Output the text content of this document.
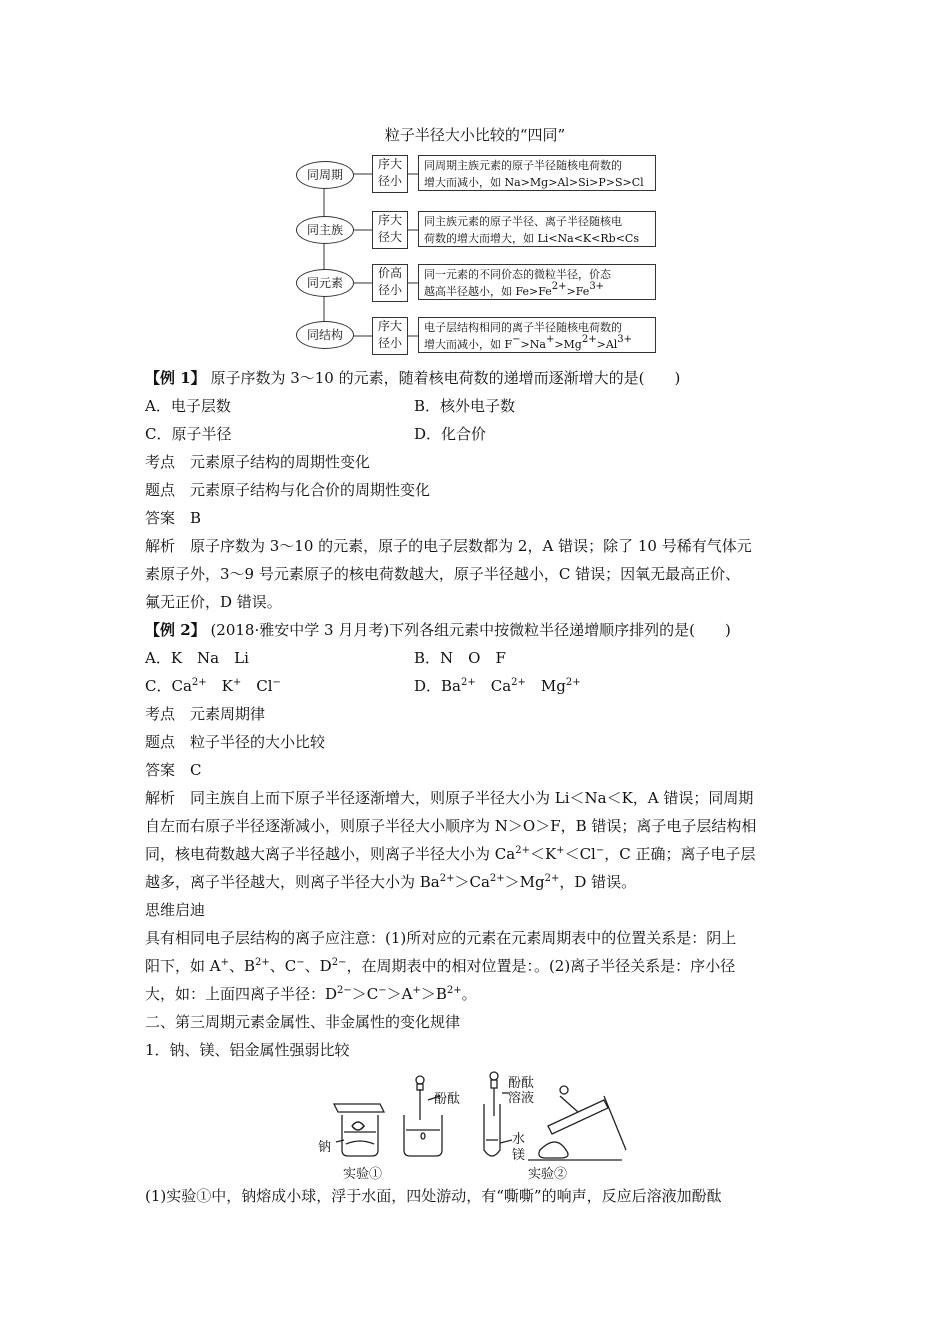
粒子半径大小比较的“四同”
同周期
序大
径小
同周期主族元素的原子半径随核电荷数的
增大而减小，如 Na>Mg>Al>Si>P>S>Cl
同主族
序大
径大
同主族元素的原子半径、离子半径随核电
荷数的增大而增大，如 Li<Na<K<Rb<Cs
同元素
价高
径小
同一元素的不同价态的微粒半径，价态
越高半径越小，如 $Fe>Fe^{2+}>Fe^{3+}$
同结构
序大
径小
电子层结构相同的离子半径随核电荷数的
增大而减小，如 $F^->Na^+>Mg^{2+}>Al^{3+}$
【例 1】 原子序数为 3～10 的元素，随着核电荷数的递增而逐渐增大的是(　　)
A．电子层数	B．核外电子数
C．原子半径	D．化合价
考点　元素原子结构的周期性变化
题点　元素原子结构与化合价的周期性变化
答案　B
解析　原子序数为 3～10 的元素，原子的电子层数都为 2，A 错误；除了 10 号稀有气体元
素原子外，3～9 号元素原子的核电荷数越大，原子半径越小，C 错误；因氧无最高正价、
氟无正价，D 错误。
【例 2】 (2018·雅安中学 3 月月考)下列各组元素中按微粒半径递增顺序排列的是(　　)
A．K　Na　Li	B．N　O　F
C．$Ca^{2+}$　K+　Cl−	D．$Ba^{2+}$　$Ca^{2+}$　$Mg^{2+}$
考点　元素周期律
题点　粒子半径的大小比较
答案　C
解析　同主族自上而下原子半径逐渐增大，则原子半径大小为 Li＜Na＜K，A 错误；同周期
自左而右原子半径逐渐减小，则原子半径大小顺序为 N＞O＞F，B 错误；离子电子层结构相
同，核电荷数越大离子半径越小，则离子半径大小为 $Ca^{2+}<K^+<Cl^-$，C 正确；离子电子层
越多，离子半径越大，则离子半径大小为 $Ba^{2+}>Ca^{2+}>Mg^{2+}$，D 错误。
思维启迪
具有相同电子层结构的离子应注意：(1)所对应的元素在元素周期表中的位置关系是：阴上
阳下，如 A+、$B^{2+}$、C−、$D^{2-}$，在周期表中的相对位置是：。(2)离子半径关系是：序小径
大，如：上面四离子半径：$D^{2-}>C^->A^+>B^{2+}$。
二、第三周期元素金属性、非金属性的变化规律
1．钠、镁、铝金属性强弱比较
钠
酚酞
实验①
酚酞
溶液
水
镁
实验②
(1)实验①中，钠熔成小球，浮于水面，四处游动，有“嘶嘶”的响声，反应后溶液加酚酞
